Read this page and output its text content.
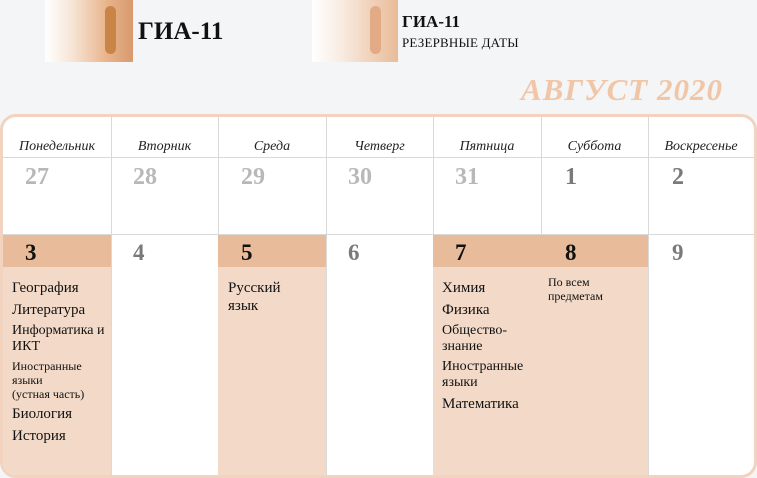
ГИА-11	ГИА-11
РЕЗЕРВНЫЕ ДАТЫ
АВГУСТ 2020
Понедельник
27
3
География
Литература
Информатика и ИКТ
Иностранные языки
(устная часть)
Биология
История
Вторник
28
4
Среда
29
5
Русский язык
Четверг
30
6
Пятница
31
7
Химия
Физика
Общество-знание
Иностранные языки
Математика
Суббота
1
8
По всем предметам
Воскресенье
2
9
